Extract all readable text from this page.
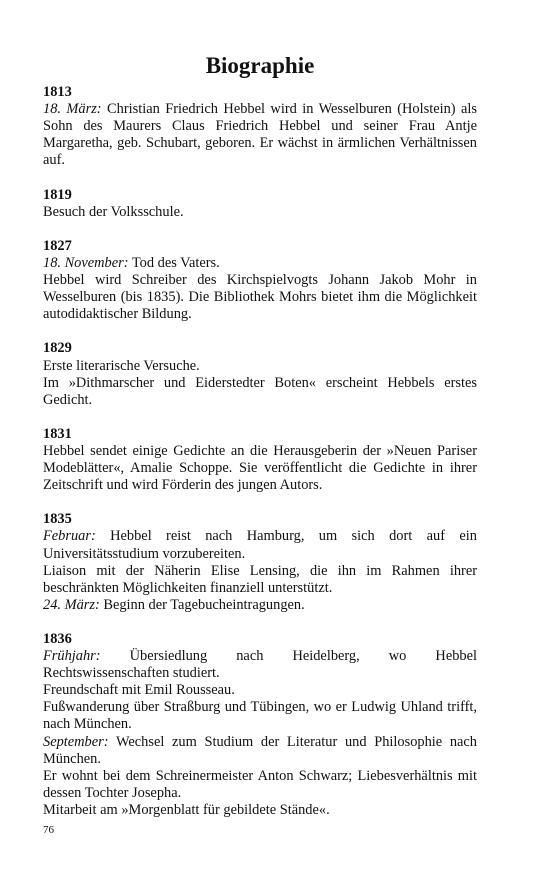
Biographie
1813

18. März: Christian Friedrich Hebbel wird in Wesselburen (Holstein) als Sohn des Maurers Claus Friedrich Hebbel und seiner Frau Antje Margaretha, geb. Schubart, geboren. Er wächst in ärmlichen Verhältnissen auf.

1819

Besuch der Volksschule.

1827

18. November: Tod des Vaters.

Hebbel wird Schreiber des Kirchspielvogts Johann Jakob Mohr in Wesselburen (bis 1835). Die Bibliothek Mohrs bietet ihm die Möglichkeit autodidaktischer Bildung.

1829

Erste literarische Versuche.

Im »Dithmarscher und Eiderstedter Boten« erscheint Hebbels erstes Gedicht.

1831

Hebbel sendet einige Gedichte an die Herausgeberin der »Neuen Pariser Modeblätter«, Amalie Schoppe. Sie veröffentlicht die Gedichte in ihrer Zeitschrift und wird Förderin des jungen Autors.

1835

Februar: Hebbel reist nach Hamburg, um sich dort auf ein Universitätsstudium vorzubereiten.

Liaison mit der Näherin Elise Lensing, die ihn im Rahmen ihrer beschränkten Möglichkeiten finanziell unterstützt.

24. März: Beginn der Tagebucheintragungen.

1836

Frühjahr: Übersiedlung nach Heidelberg, wo Hebbel Rechtswissenschaften studiert.

Freundschaft mit Emil Rousseau.

Fußwanderung über Straßburg und Tübingen, wo er Ludwig Uhland trifft, nach München.

September: Wechsel zum Studium der Literatur und Philosophie nach München.

Er wohnt bei dem Schreinermeister Anton Schwarz; Liebesverhältnis mit dessen Tochter Josepha.

Mitarbeit am »Morgenblatt für gebildete Stände«.

76
